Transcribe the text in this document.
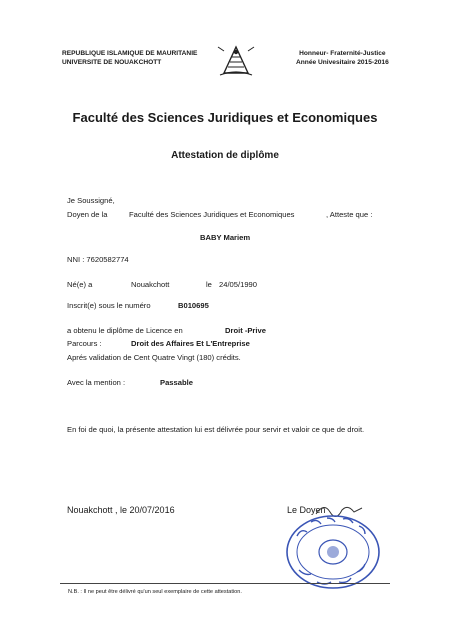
REPUBLIQUE ISLAMIQUE DE MAURITANIE
UNIVERSITE DE NOUAKCHOTT
Honneur- Fraternité-Justice
Année Univesitaire 2015-2016
Faculté des Sciences Juridiques et Economiques
Attestation de diplôme
Je Soussigné,
Doyen de la	Faculté des Sciences Juridiques et Economiques	, Atteste que :
BABY Mariem
NNI : 7620582774
Né(e) a	Nouakchott	le 24/05/1990
Inscrit(e) sous le numéro	B010695
a obtenu le diplôme de Licence en	Droit -Prive
Parcours :	Droit des Affaires Et L'Entreprise
Aprés validation de Cent Quatre Vingt (180) crédits.
Avec la mention :	Passable
En foi de quoi, la présente attestation lui est délivrée pour servir et valoir ce que de droit.
Nouakchott , le 20/07/2016	Le Doyen
N.B. : Il ne peut être délivré qu'un seul exemplaire de cette attestation.
